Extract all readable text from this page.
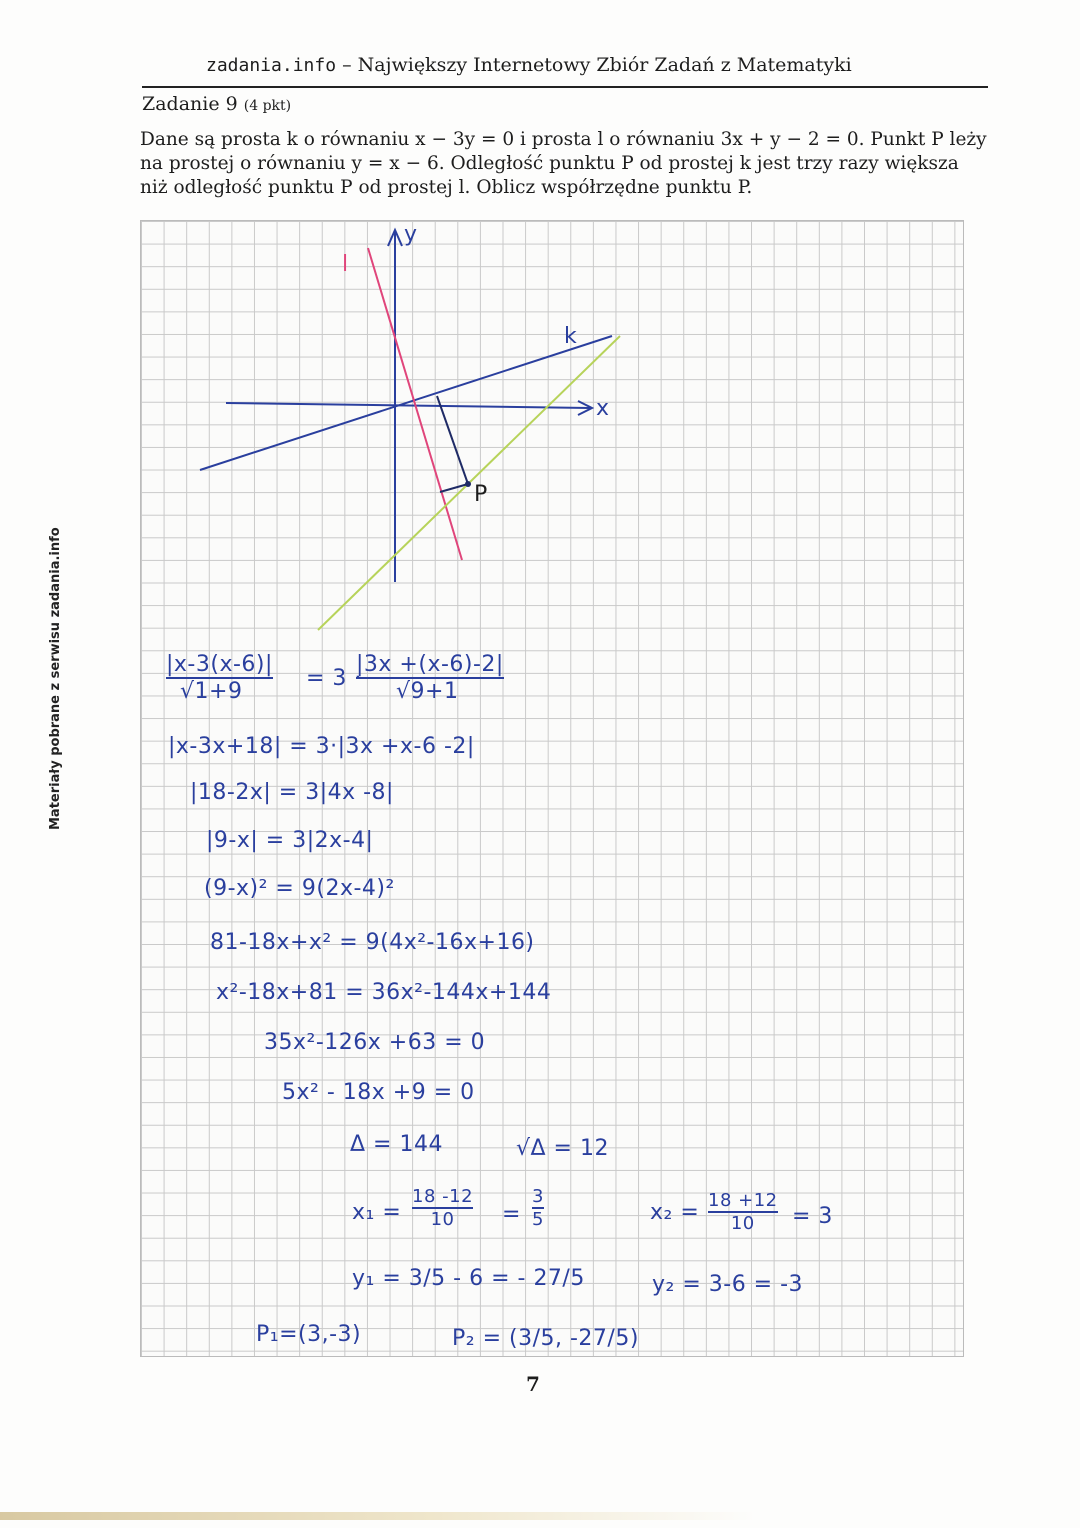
zadania.info – Największy Internetowy Zbiór Zadań z Matematyki
Materiały pobrane z serwisu zadania.info
Zadanie 9 (4 pkt)
Dane są prosta k o równaniu x − 3y = 0 i prosta l o równaniu 3x + y − 2 = 0. Punkt P leży na prostej o równaniu y = x − 6. Odległość punktu P od prostej k jest trzy razy większa niż odległość punktu P od prostej l. Oblicz współrzędne punktu P.
y
x
l
k
P
$\frac{|x-3(x-6)|}{√1+9} = 3$ ·
$\frac{|3x +(x-6)-2|}{√9+1}$
|x-3x+18| = 3·|3x +x-6 -2|
|18-2x| = 3|4x -8|
|9-x| = 3|2x-4|
(9-x)² = 9(2x-4)²
81-18x+x² = 9(4x²-16x+16)
x²-18x+81 = 36x²-144x+144
35x²-126x +63 = 0
5x² - 18x +9 = 0
Δ = 144	√Δ = 12
$x_1 = \frac{18 -12}{10} = \frac{3}{5}$	$x_2 = \frac{18 +12}{10} = 3$
y₁ = 3/5 - 6 = - 27/5	y₂ = 3-6 = -3
P₁=(3,-3)	P₂ = (3/5, -27/5)
7
